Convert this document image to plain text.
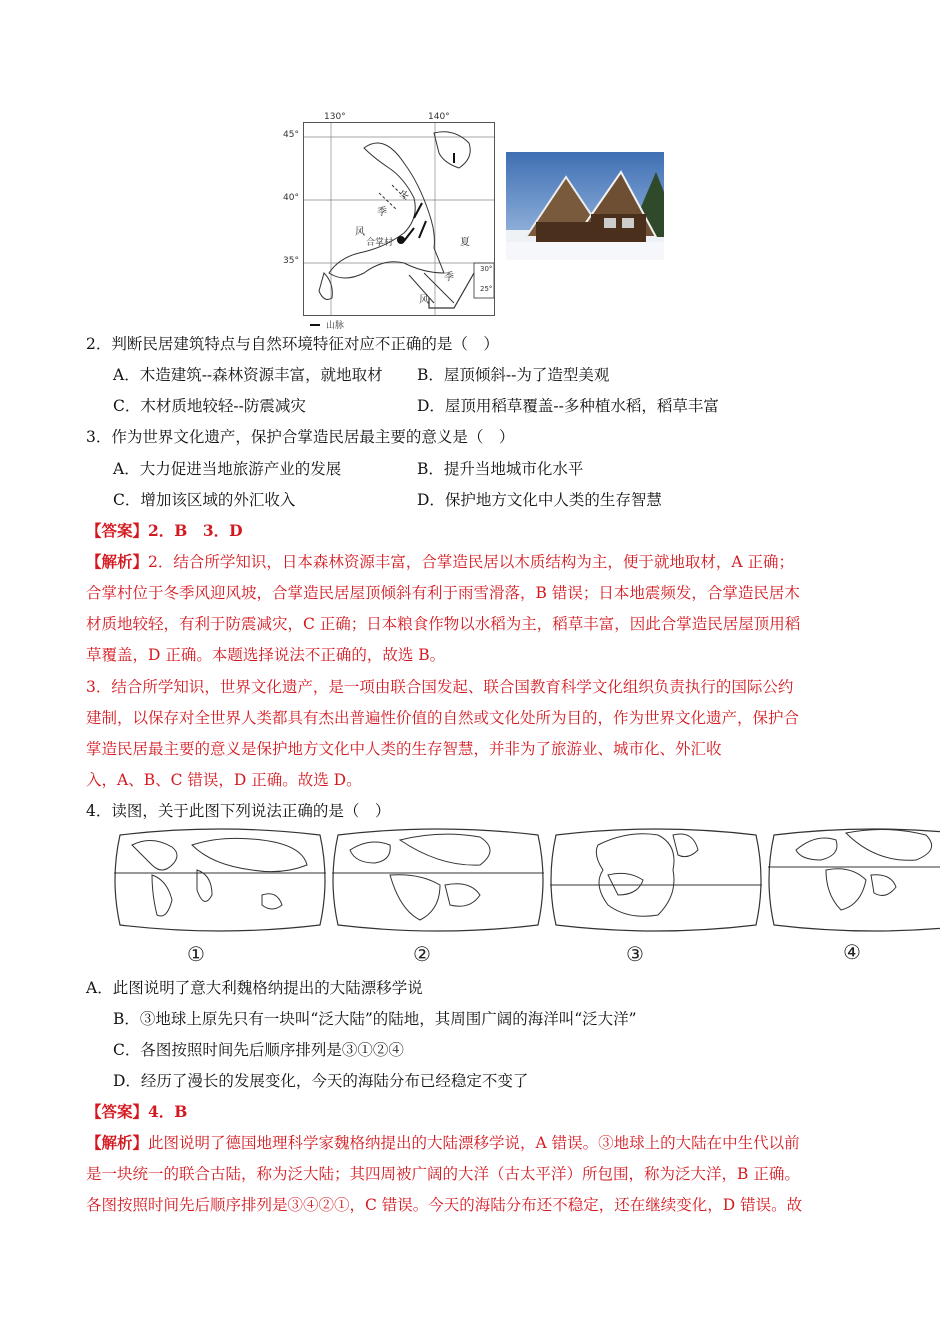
130°	140°
45°
40°
35°
冬
季
风
夏
季
风
合掌村
30°
25°
山脉
2．判断民居建筑特点与自然环境特征对应不正确的是（　）
A．木造建筑--森林资源丰富，就地取材 B．屋顶倾斜--为了造型美观
C．木材质地较轻--防震减灾	D．屋顶用稻草覆盖--多种植水稻，稻草丰富
3．作为世界文化遗产，保护合掌造民居最主要的意义是（　）
A．大力促进当地旅游产业的发展	B．提升当地城市化水平
C．增加该区域的外汇收入	D．保护地方文化中人类的生存智慧
【答案】2．B　3．D
【解析】2．结合所学知识，日本森林资源丰富，合掌造民居以木质结构为主，便于就地取材，A 正确；
合掌村位于冬季风迎风坡，合掌造民居屋顶倾斜有利于雨雪滑落，B 错误；日本地震频发，合掌造民居木
材质地较轻，有利于防震减灾，C 正确；日本粮食作物以水稻为主，稻草丰富，因此合掌造民居屋顶用稻
草覆盖，D 正确。本题选择说法不正确的，故选 B。
3．结合所学知识，世界文化遗产，是一项由联合国发起、联合国教育科学文化组织负责执行的国际公约
建制，以保存对全世界人类都具有杰出普遍性价值的自然或文化处所为目的，作为世界文化遗产，保护合
掌造民居最主要的意义是保护地方文化中人类的生存智慧，并非为了旅游业、城市化、外汇收
入，A、B、C 错误，D 正确。故选 D。
4．读图，关于此图下列说法正确的是（　）
①	②	③	④
A．此图说明了意大利魏格纳提出的大陆漂移学说
B．③地球上原先只有一块叫“泛大陆”的陆地，其周围广阔的海洋叫“泛大洋”
C．各图按照时间先后顺序排列是③①②④
D．经历了漫长的发展变化，今天的海陆分布已经稳定不变了
【答案】4．B
【解析】此图说明了德国地理科学家魏格纳提出的大陆漂移学说，A 错误。③地球上的大陆在中生代以前
是一块统一的联合古陆，称为泛大陆；其四周被广阔的大洋（古太平洋）所包围，称为泛大洋，B 正确。
各图按照时间先后顺序排列是③④②①，C 错误。今天的海陆分布还不稳定，还在继续变化，D 错误。故
